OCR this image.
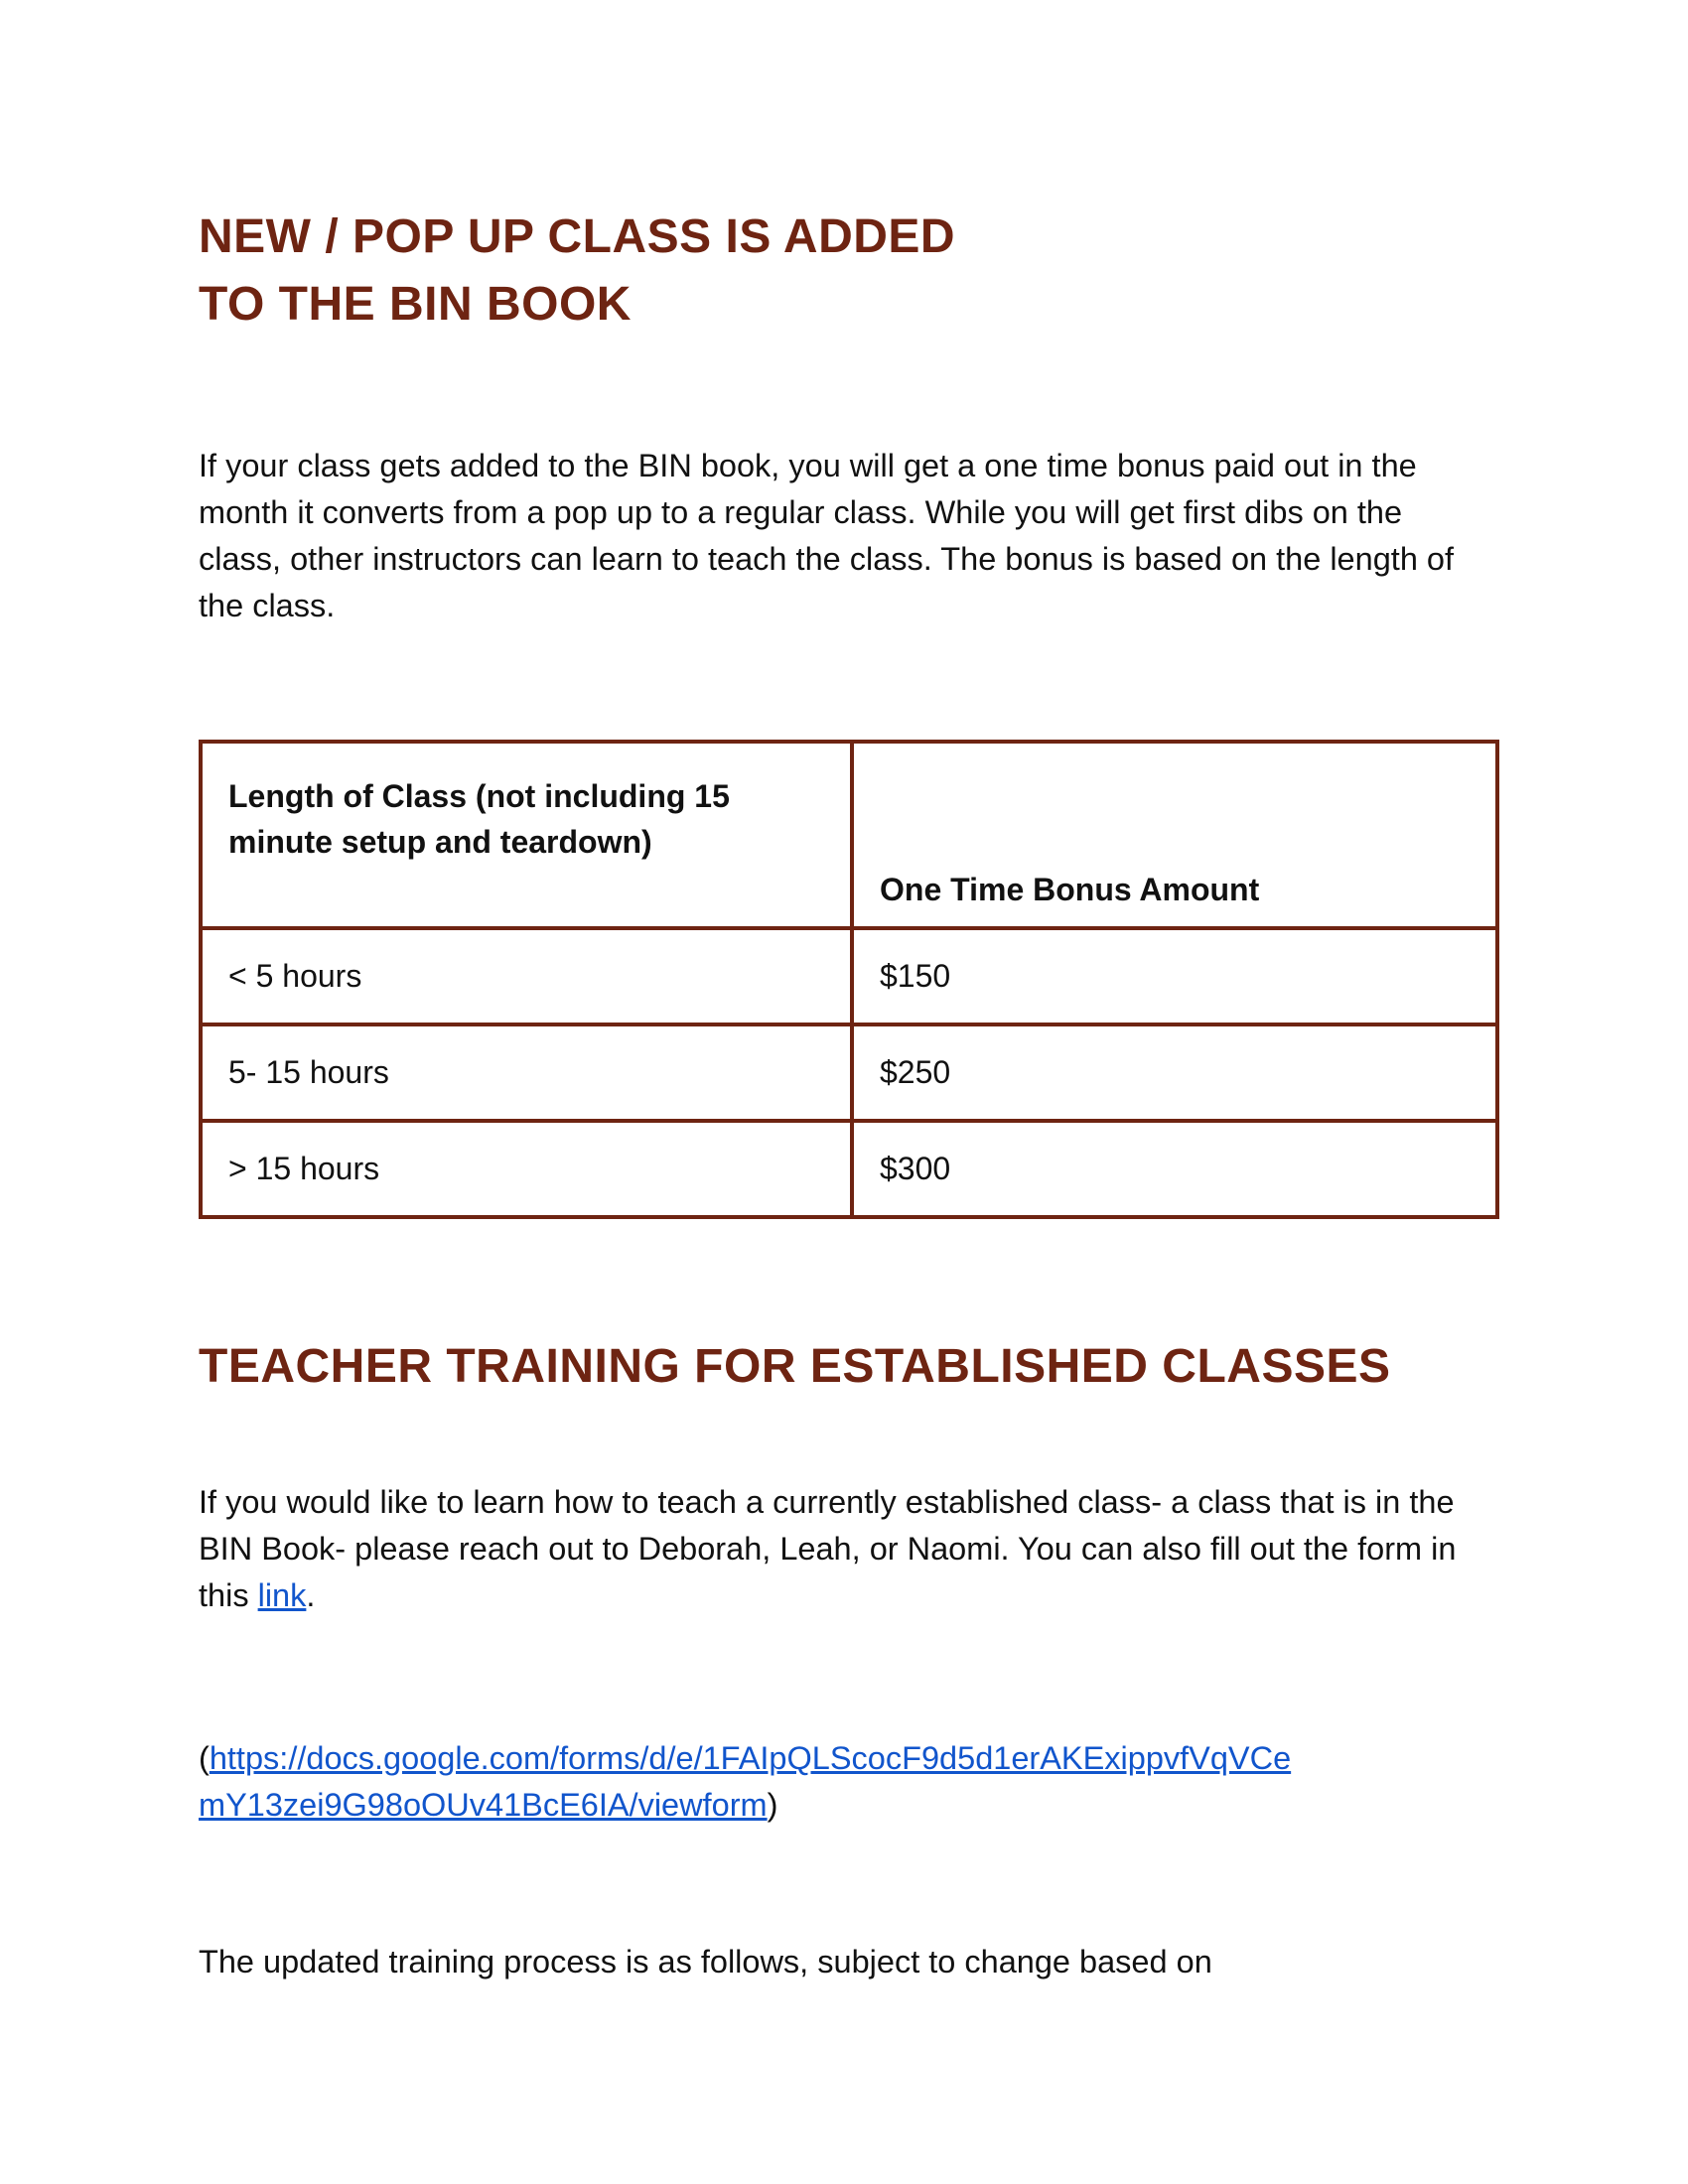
NEW / POP UP CLASS IS ADDED
TO THE BIN BOOK

If your class gets added to the BIN book, you will get a one time bonus paid out in the month it converts from a pop up to a regular class. While you will get first dibs on the class, other instructors can learn to teach the class. The bonus is based on the length of the class.

Length of Class (not including 15 minute setup and teardown)	One Time Bonus Amount
< 5 hours	$150
5- 15 hours	$250
> 15 hours	$300
TEACHER TRAINING FOR ESTABLISHED CLASSES

If you would like to learn how to teach a currently established class- a class that is in the BIN Book- please reach out to Deborah, Leah, or Naomi. You can also fill out the form in this link.

(https://docs.google.com/forms/d/e/1FAIpQLScocF9d5d1erAKExippvfVqVCe
mY13zei9G98oOUv41BcE6IA/viewform)

The updated training process is as follows, subject to change based on
